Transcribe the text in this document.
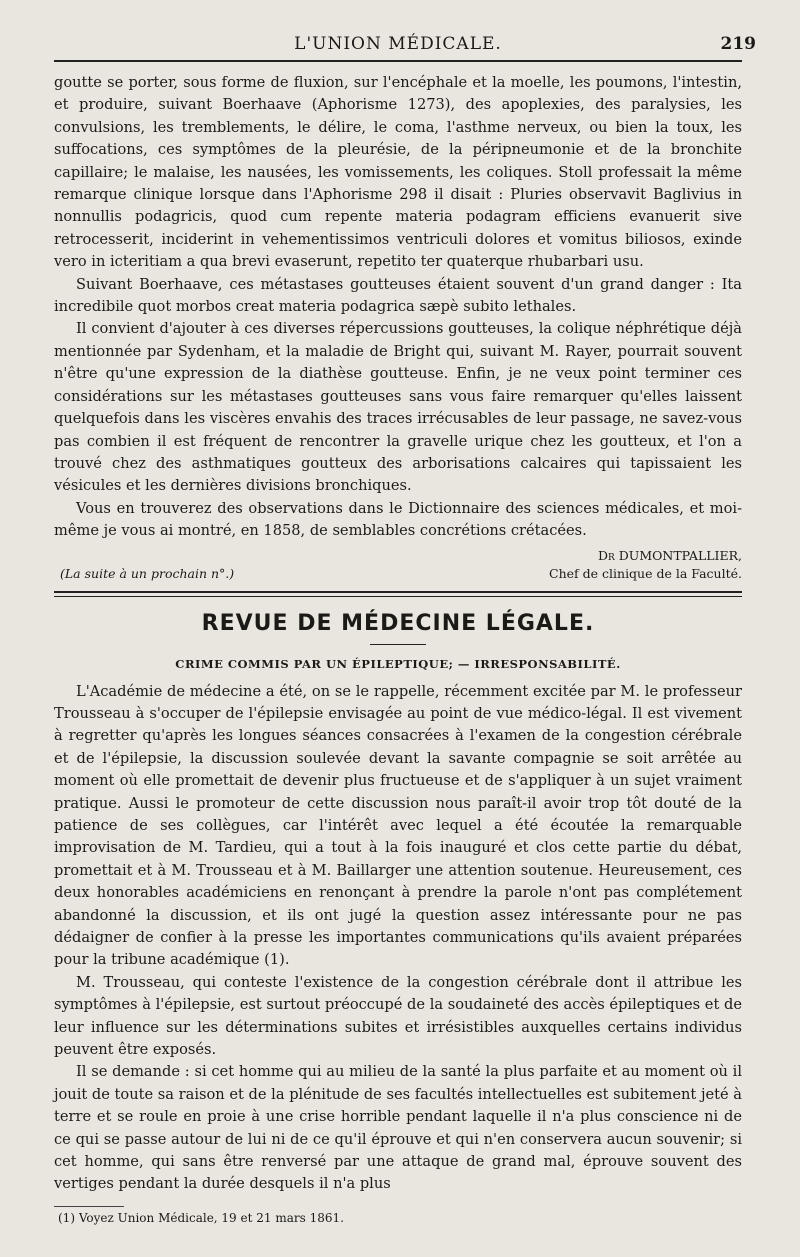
L'UNION MÉDICALE.	219

goutte se porter, sous forme de fluxion, sur l'encéphale et la moelle, les poumons, l'intestin, et produire, suivant Boerhaave (Aphorisme 1273), des apoplexies, des paralysies, les convulsions, les tremblements, le délire, le coma, l'asthme nerveux, ou bien la toux, les suffocations, ces symptômes de la pleurésie, de la péripneumonie et de la bronchite capillaire; le malaise, les nausées, les vomissements, les coliques. Stoll professait la même remarque clinique lorsque dans l'Aphorisme 298 il disait : Pluries observavit Baglivius in nonnullis podagricis, quod cum repente materia podagram efficiens evanuerit sive retrocesserit, inciderint in vehementissimos ventriculi dolores et vomitus biliosos, exinde vero in icteritiam a qua brevi evaserunt, repetito ter quaterque rhubarbari usu.

Suivant Boerhaave, ces métastases goutteuses étaient souvent d'un grand danger : Ita incredibile quot morbos creat materia podagrica sæpè subito lethales.

Il convient d'ajouter à ces diverses répercussions goutteuses, la colique néphrétique déjà mentionnée par Sydenham, et la maladie de Bright qui, suivant M. Rayer, pourrait souvent n'être qu'une expression de la diathèse goutteuse. Enfin, je ne veux point terminer ces considérations sur les métastases goutteuses sans vous faire remarquer qu'elles laissent quelquefois dans les viscères envahis des traces irrécusables de leur passage, ne savez-vous pas combien il est fréquent de rencontrer la gravelle urique chez les goutteux, et l'on a trouvé chez des asthmatiques goutteux des arborisations calcaires qui tapissaient les vésicules et les dernières divisions bronchiques.

Vous en trouverez des observations dans le Dictionnaire des sciences médicales, et moi-même je vous ai montré, en 1858, de semblables concrétions crétacées.

(La suite à un prochain n°.)
Dr DUMONTPALLIER,
Chef de clinique de la Faculté.
REVUE DE MÉDECINE LÉGALE.
CRIME COMMIS PAR UN ÉPILEPTIQUE; — IRRESPONSABILITÉ.

L'Académie de médecine a été, on se le rappelle, récemment excitée par M. le professeur Trousseau à s'occuper de l'épilepsie envisagée au point de vue médico-légal. Il est vivement à regretter qu'après les longues séances consacrées à l'examen de la congestion cérébrale et de l'épilepsie, la discussion soulevée devant la savante compagnie se soit arrêtée au moment où elle promettait de devenir plus fructueuse et de s'appliquer à un sujet vraiment pratique. Aussi le promoteur de cette discussion nous paraît-il avoir trop tôt douté de la patience de ses collègues, car l'intérêt avec lequel a été écoutée la remarquable improvisation de M. Tardieu, qui a tout à la fois inauguré et clos cette partie du débat, promettait et à M. Trousseau et à M. Baillarger une attention soutenue. Heureusement, ces deux honorables académiciens en renonçant à prendre la parole n'ont pas complétement abandonné la discussion, et ils ont jugé la question assez intéressante pour ne pas dédaigner de confier à la presse les importantes communications qu'ils avaient préparées pour la tribune académique (1).

M. Trousseau, qui conteste l'existence de la congestion cérébrale dont il attribue les symptômes à l'épilepsie, est surtout préoccupé de la soudaineté des accès épileptiques et de leur influence sur les déterminations subites et irrésistibles auxquelles certains individus peuvent être exposés.

Il se demande : si cet homme qui au milieu de la santé la plus parfaite et au moment où il jouit de toute sa raison et de la plénitude de ses facultés intellectuelles est subitement jeté à terre et se roule en proie à une crise horrible pendant laquelle il n'a plus conscience ni de ce qui se passe autour de lui ni de ce qu'il éprouve et qui n'en conservera aucun souvenir; si cet homme, qui sans être renversé par une attaque de grand mal, éprouve souvent des vertiges pendant la durée desquels il n'a plus

(1) Voyez Union Médicale, 19 et 21 mars 1861.
